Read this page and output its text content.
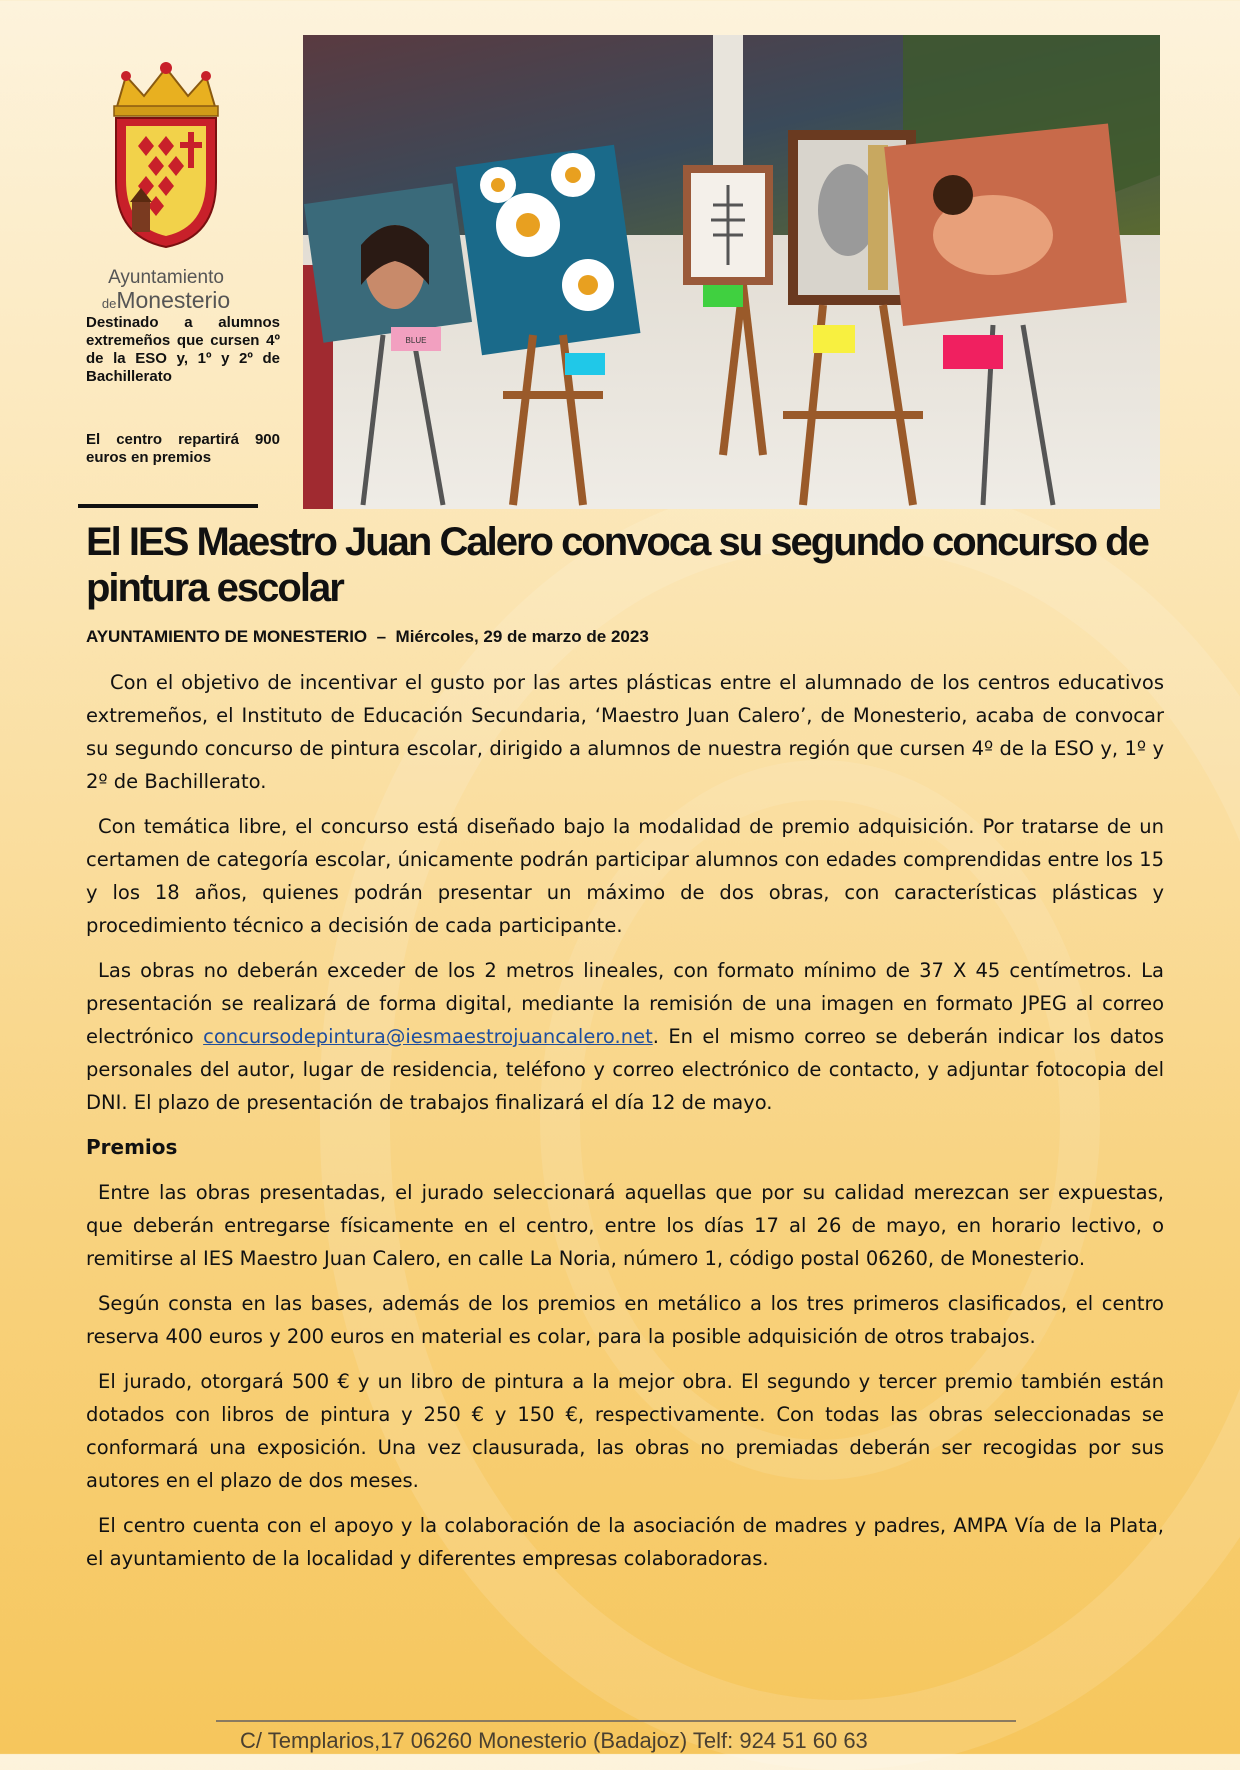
Ayuntamiento
deMonesterio
Destinado a alumnos extremeños que cursen 4º de la ESO y, 1º y 2º de Bachillerato
El centro repartirá 900 euros en premios
BLUE
El IES Maestro Juan Calero convoca su segundo concurso de pintura escolar
AYUNTAMIENTO DE MONESTERIO – Miércoles, 29 de marzo de 2023

Con el objetivo de incentivar el gusto por las artes plásticas entre el alumnado de los centros educativos extremeños, el Instituto de Educación Secundaria, ‘Maestro Juan Calero’, de Monesterio, acaba de convocar su segundo concurso de pintura escolar, dirigido a alumnos de nuestra región que cursen 4º de la ESO y, 1º y 2º de Bachillerato.

Con temática libre, el concurso está diseñado bajo la modalidad de premio adquisición. Por tratarse de un certamen de categoría escolar, únicamente podrán participar alumnos con edades comprendidas entre los 15 y los 18 años, quienes podrán presentar un máximo de dos obras, con características plásticas y procedimiento técnico a decisión de cada participante.

Las obras no deberán exceder de los 2 metros lineales, con formato mínimo de 37 X 45 centímetros. La presentación se realizará de forma digital, mediante la remisión de una imagen en formato JPEG al correo electrónico concursodepintura@iesmaestrojuancalero.net. En el mismo correo se deberán indicar los datos personales del autor, lugar de residencia, teléfono y correo electrónico de contacto, y adjuntar fotocopia del DNI. El plazo de presentación de trabajos finalizará el día 12 de mayo.

Premios

Entre las obras presentadas, el jurado seleccionará aquellas que por su calidad merezcan ser expuestas, que deberán entregarse físicamente en el centro, entre los días 17 al 26 de mayo, en horario lectivo, o remitirse al IES Maestro Juan Calero, en calle La Noria, número 1, código postal 06260, de Monesterio.

Según consta en las bases, además de los premios en metálico a los tres primeros clasificados, el centro reserva 400 euros y 200 euros en material es colar, para la posible adquisición de otros trabajos.

El jurado, otorgará 500 € y un libro de pintura a la mejor obra. El segundo y tercer premio también están dotados con libros de pintura y 250 € y 150 €, respectivamente. Con todas las obras seleccionadas se conformará una exposición. Una vez clausurada, las obras no premiadas deberán ser recogidas por sus autores en el plazo de dos meses.

El centro cuenta con el apoyo y la colaboración de la asociación de madres y padres, AMPA Vía de la Plata, el ayuntamiento de la localidad y diferentes empresas colaboradoras.

C/ Templarios,17 06260 Monesterio (Badajoz) Telf: 924 51 60 63
